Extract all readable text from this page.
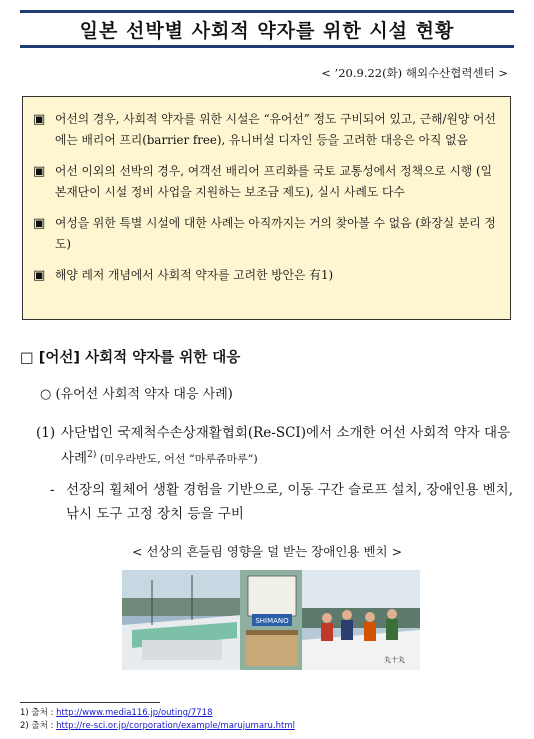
일본 선박별 사회적 약자를 위한 시설 현황
< ’20.9.22(화) 해외수산협력센터 >
▣ 어선의 경우, 사회적 약자를 위한 시설은 “유어선” 정도 구비되어 있고, 근해/원양 어선에는 배리어 프리(barrier free), 유니버설 디자인 등을 고려한 대응은 아직 없음
▣ 어선 이외의 선박의 경우, 여객선 배리어 프리화를 국토 교통성에서 정책으로 시행 (일본재단이 시설 정비 사업을 지원하는 보조금 제도), 실시 사례도 다수
▣ 여성을 위한 특별 시설에 대한 사례는 아직까지는 거의 찾아볼 수 없음 (화장실 분리 정도)
▣ 해양 레저 개념에서 사회적 약자를 고려한 방안은 有1)
□ [어선] 사회적 약자를 위한 대응
○ (유어선 사회적 약자 대응 사례)
(1) 사단법인 국제척수손상재활협회(Re-SCI)에서 소개한 어선 사회적 약자 대응 사례$^{2)}$ (미우라반도, 어선 “마루쥬마루”)
- 선장의 휠체어 생활 경험을 기반으로, 이동 구간 슬로프 설치, 장애인용 벤치, 낚시 도구 고정 장치 등을 구비
< 선상의 흔들림 영향을 덜 받는 장애인용 벤치 >
SHIMANO
丸十丸
1) 출처 : http://www.media116.jp/outing/7718
2) 출처 : http://re-sci.or.jp/corporation/example/marujumaru.html
